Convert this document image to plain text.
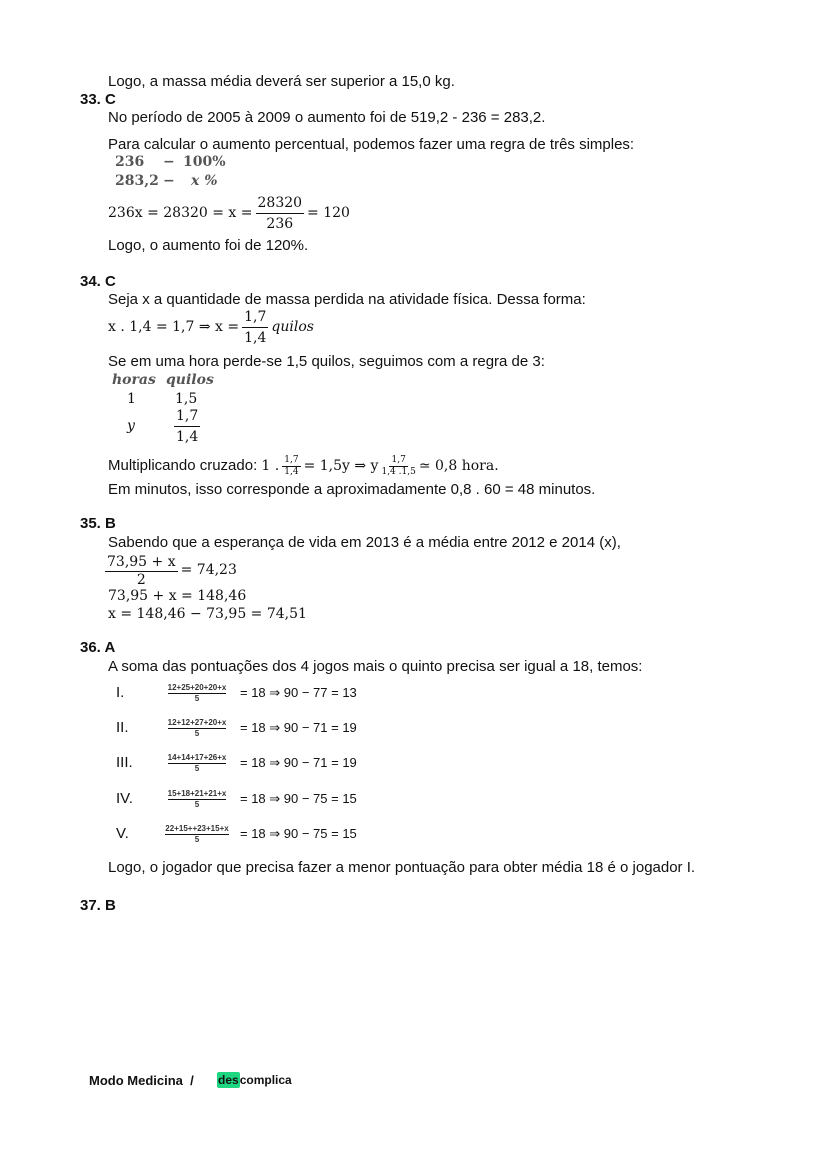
Logo, a massa média deverá ser superior a 15,0 kg.
33. C
No período de 2005 à 2009 o aumento foi de 519,2 - 236 = 283,2.
Para calcular o aumento percentual, podemos fazer uma regra de três simples:
236 − 100%
283,2 − x %
$236x = 28320 = x = \frac{28320}{236} = 120$
Logo, o aumento foi de 120%.
34. C
Seja x a quantidade de massa perdida na atividade física. Dessa forma:
x . 1,4 = 1,7 ⇒ $x = \frac{1,7}{1,4}$ quilos
Se em uma hora perde-se 1,5 quilos, seguimos com a regra de 3:
horas quilos
1	1,5
y	$\frac{1,7}{1,4}$
Multiplicando cruzado: 1 . $\frac{1,7}{1,4} = 1,5y$ ⇒ y $\frac{1,7}{1,4 .1,5}$ ≃ 0,8 hora.
Em minutos, isso corresponde a aproximadamente 0,8 . 60 = 48 minutos.
35. B
Sabendo que a esperança de vida em 2013 é a média entre 2012 e 2014 (x),
$\frac{73,95 + x}{2} = 74,23$
73,95 + x = 148,46
x = 148,46 − 73,95 = 74,51
36. A
A soma das pontuações dos 4 jogos mais o quinto precisa ser igual a 18, temos:
I.	$\frac{12+25+20+20+x}{5} = 18$ ⇒ 90 − 77 = 13
II.	$\frac{12+12+27+20+x}{5} = 18$ ⇒ 90 − 71 = 19
III.	$\frac{14+14+17+26+x}{5} = 18$ ⇒ 90 − 71 = 19
IV.	$\frac{15+18+21+21+x}{5} = 18$ ⇒ 90 − 75 = 15
V.	$\frac{22+15++23+15+x}{5} = 18$ ⇒ 90 − 75 = 15
Logo, o jogador que precisa fazer a menor pontuação para obter média 18 é o jogador I.
37. B
Modo Medicina / descomplica
